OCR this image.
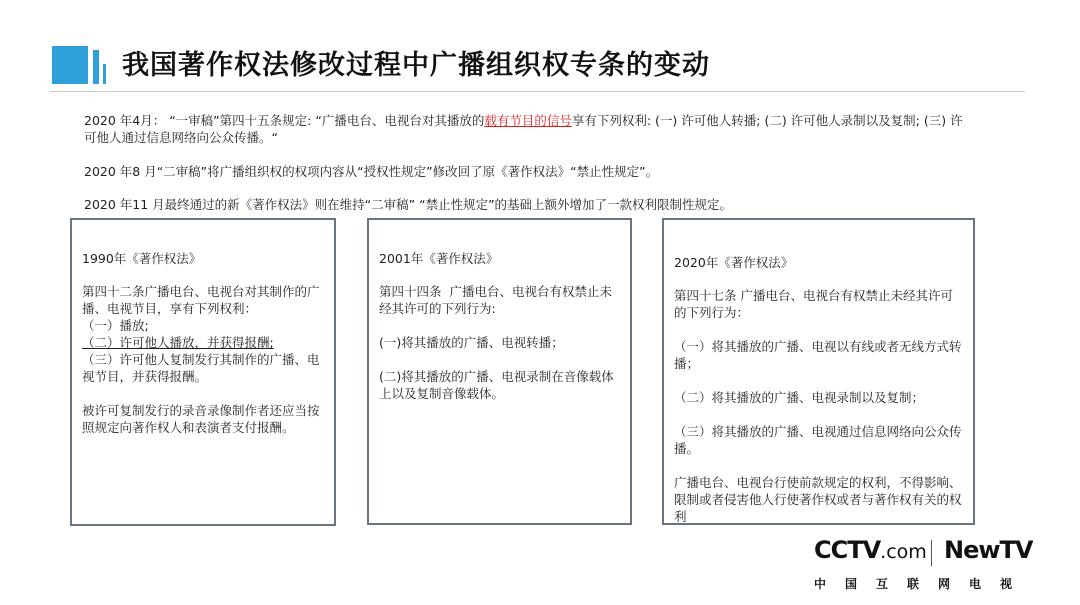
我国著作权法修改过程中广播组织权专条的变动

2020 年4月： “一审稿”第四十五条规定: “广播电台、电视台对其播放的载有节目的信号享有下列权利: (一) 许可他人转播; (二) 许可他人录制以及复制; (三) 许可他人通过信息网络向公众传播。“

2020 年8 月“二审稿”将广播组织权的权项内容从“授权性规定”修改回了原《著作权法》“禁止性规定”。

2020 年11 月最终通过的新《著作权法》则在维持“二审稿” “禁止性规定”的基础上额外增加了一款权利限制性规定。

1990年《著作权法》
第四十二条广播电台、电视台对其制作的广播、电视节目，享有下列权利：
（一）播放;
（二）许可他人播放，并获得报酬;
（三）许可他人复制发行其制作的广播、电视节目，并获得报酬。
被许可复制发行的录音录像制作者还应当按照规定向著作权人和表演者支付报酬。
2001年《著作权法》
第四十四条  广播电台、电视台有权禁止未经其许可的下列行为:
(一)将其播放的广播、电视转播；
(二)将其播放的广播、电视录制在音像载体上以及复制音像载体。
2020年《著作权法》
第四十七条 广播电台、电视台有权禁止未经其许可的下列行为：
（一）将其播放的广播、电视以有线或者无线方式转播；
（二）将其播放的广播、电视录制以及复制；
（三）将其播放的广播、电视通过信息网络向公众传播。
广播电台、电视台行使前款规定的权利，不得影响、限制或者侵害他人行使著作权或者与著作权有关的权利
CCTV.com NewTV
中国互联网电视
